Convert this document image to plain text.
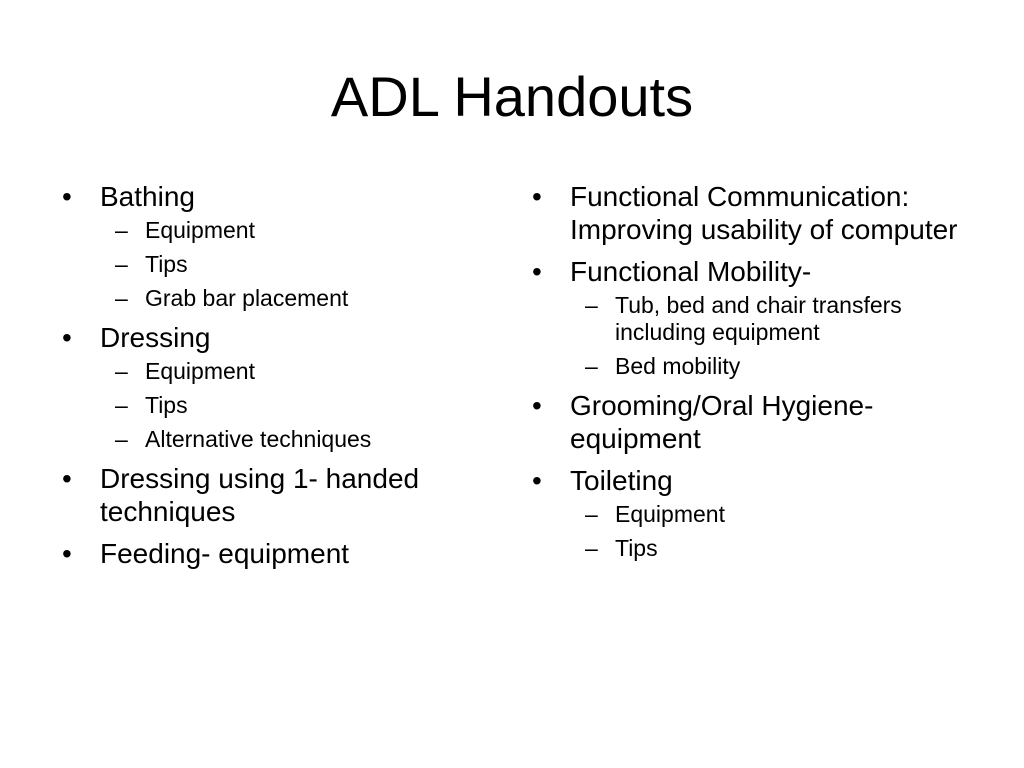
ADL Handouts
• Bathing
– Equipment
– Tips
– Grab bar placement
• Dressing
– Equipment
– Tips
– Alternative techniques
• Dressing using 1- handed techniques
• Feeding- equipment
• Functional Communication: Improving usability of computer
• Functional Mobility-
– Tub, bed and chair transfers including equipment
– Bed mobility
• Grooming/Oral Hygiene- equipment
• Toileting
– Equipment
– Tips
